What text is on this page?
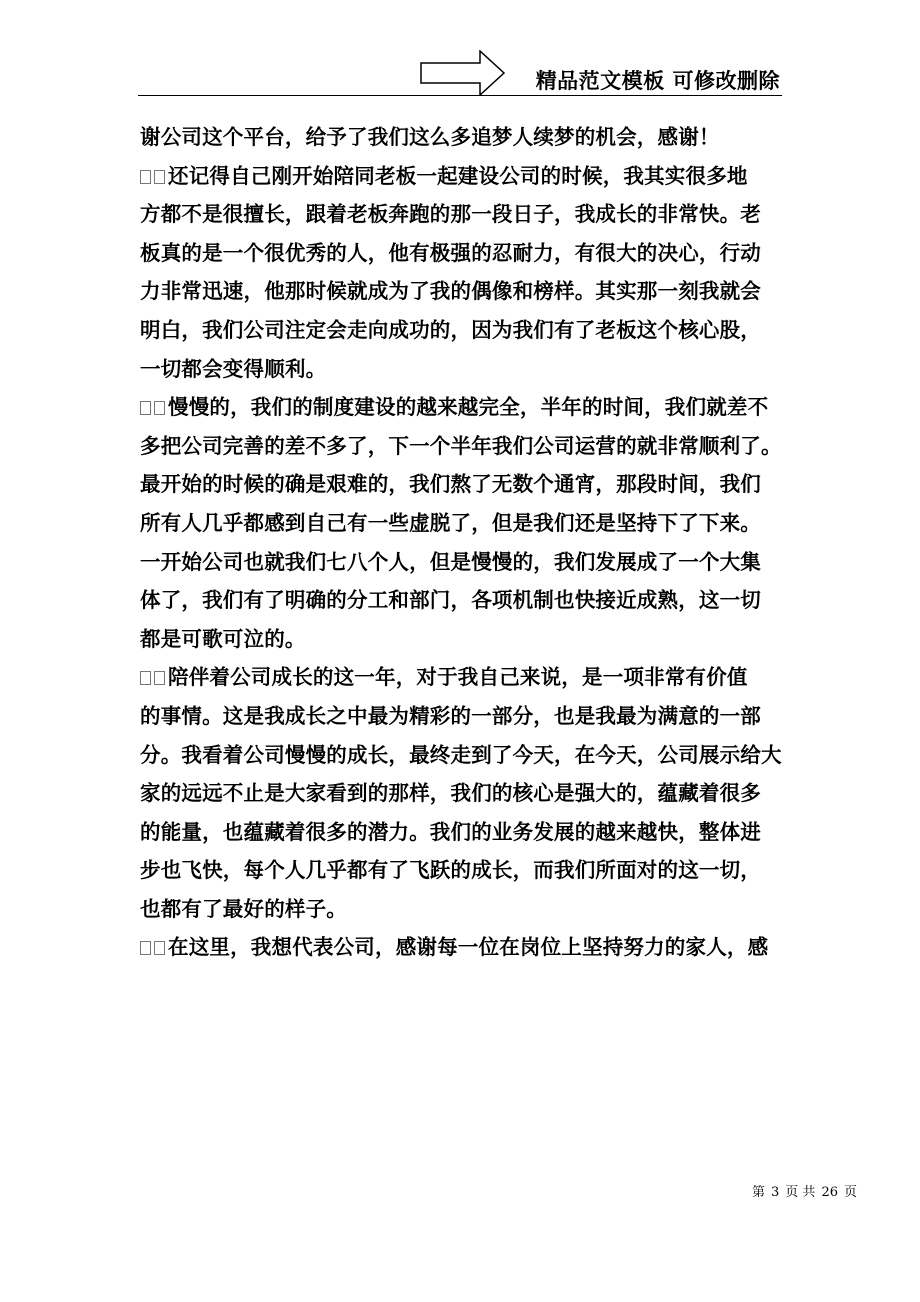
精品范文模板 可修改删除
谢公司这个平台，给予了我们这么多追梦人续梦的机会，感谢！
还记得自己刚开始陪同老板一起建设公司的时候，我其实很多地
方都不是很擅长，跟着老板奔跑的那一段日子，我成长的非常快。老
板真的是一个很优秀的人，他有极强的忍耐力，有很大的决心，行动
力非常迅速，他那时候就成为了我的偶像和榜样。其实那一刻我就会
明白，我们公司注定会走向成功的，因为我们有了老板这个核心股，
一切都会变得顺利。
慢慢的，我们的制度建设的越来越完全，半年的时间，我们就差不
多把公司完善的差不多了，下一个半年我们公司运营的就非常顺利了。
最开始的时候的确是艰难的，我们熬了无数个通宵，那段时间，我们
所有人几乎都感到自己有一些虚脱了，但是我们还是坚持下了下来。
一开始公司也就我们七八个人，但是慢慢的，我们发展成了一个大集
体了，我们有了明确的分工和部门，各项机制也快接近成熟，这一切
都是可歌可泣的。
陪伴着公司成长的这一年，对于我自己来说，是一项非常有价值
的事情。这是我成长之中最为精彩的一部分，也是我最为满意的一部
分。我看着公司慢慢的成长，最终走到了今天，在今天，公司展示给大
家的远远不止是大家看到的那样，我们的核心是强大的，蕴藏着很多
的能量，也蕴藏着很多的潜力。我们的业务发展的越来越快，整体进
步也飞快，每个人几乎都有了飞跃的成长，而我们所面对的这一切，
也都有了最好的样子。
在这里，我想代表公司，感谢每一位在岗位上坚持努力的家人，感
第 3 页 共 26 页
